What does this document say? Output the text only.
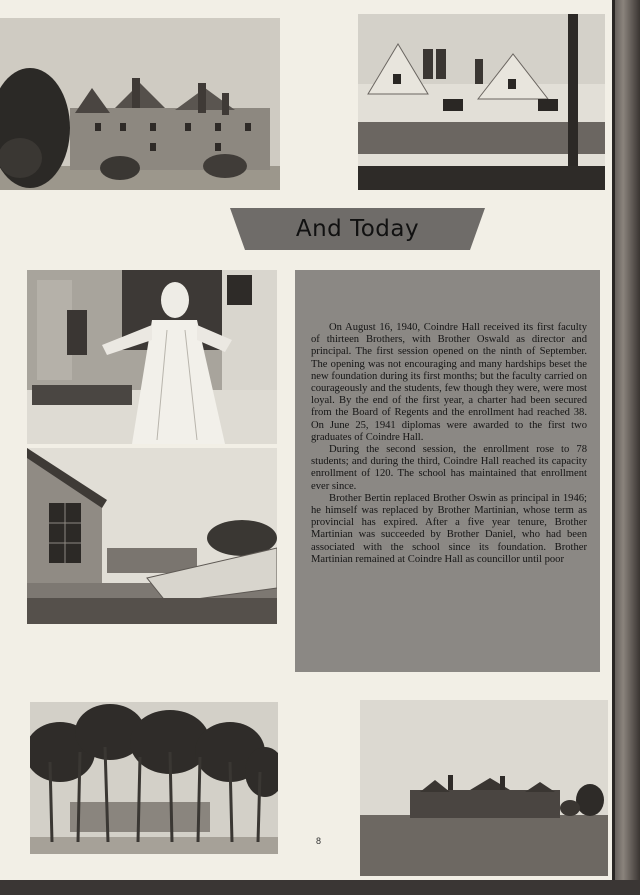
And Today

On August 16, 1940, Coindre Hall received its first faculty of thirteen Brothers, with Brother Oswald as director and principal. The first session opened on the ninth of September. The opening was not encouraging and many hardships beset the new foundation during its first months; but the faculty carried on courageously and the students, few though they were, were most loyal. By the end of the first year, a charter had been secured from the Board of Regents and the enrollment had reached 38. On June 25, 1941 diplomas were awarded to the first two graduates of Coindre Hall.

During the second session, the enrollment rose to 78 students; and during the third, Coindre Hall reached its capacity enrollment of 120. The school has maintained that enrollment ever since.

Brother Bertin replaced Brother Oswin as principal in 1946; he himself was replaced by Brother Martinian, whose term as provincial has expired. After a five year tenure, Brother Martinian was succeeded by Brother Daniel, who had been associated with the school since its foundation. Brother Martinian remained at Coindre Hall as councillor until poor

8
